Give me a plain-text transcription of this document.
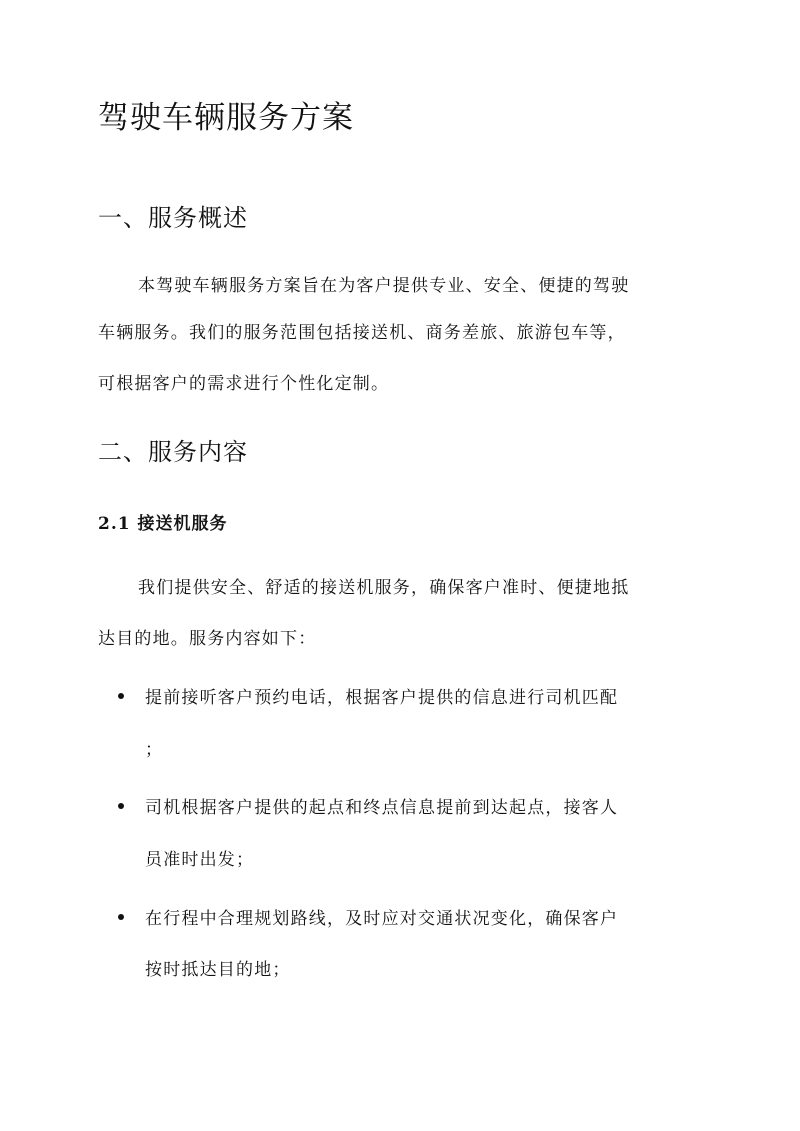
驾驶车辆服务方案
一、服务概述

本驾驶车辆服务方案旨在为客户提供专业、安全、便捷的驾驶

车辆服务。我们的服务范围包括接送机、商务差旅、旅游包车等，

可根据客户的需求进行个性化定制。

二、服务内容
2.1 接送机服务

我们提供安全、舒适的接送机服务，确保客户准时、便捷地抵

达目的地。服务内容如下：

提前接听客户预约电话，根据客户提供的信息进行司机匹配

；

司机根据客户提供的起点和终点信息提前到达起点，接客人

员准时出发；

在行程中合理规划路线，及时应对交通状况变化，确保客户

按时抵达目的地；
